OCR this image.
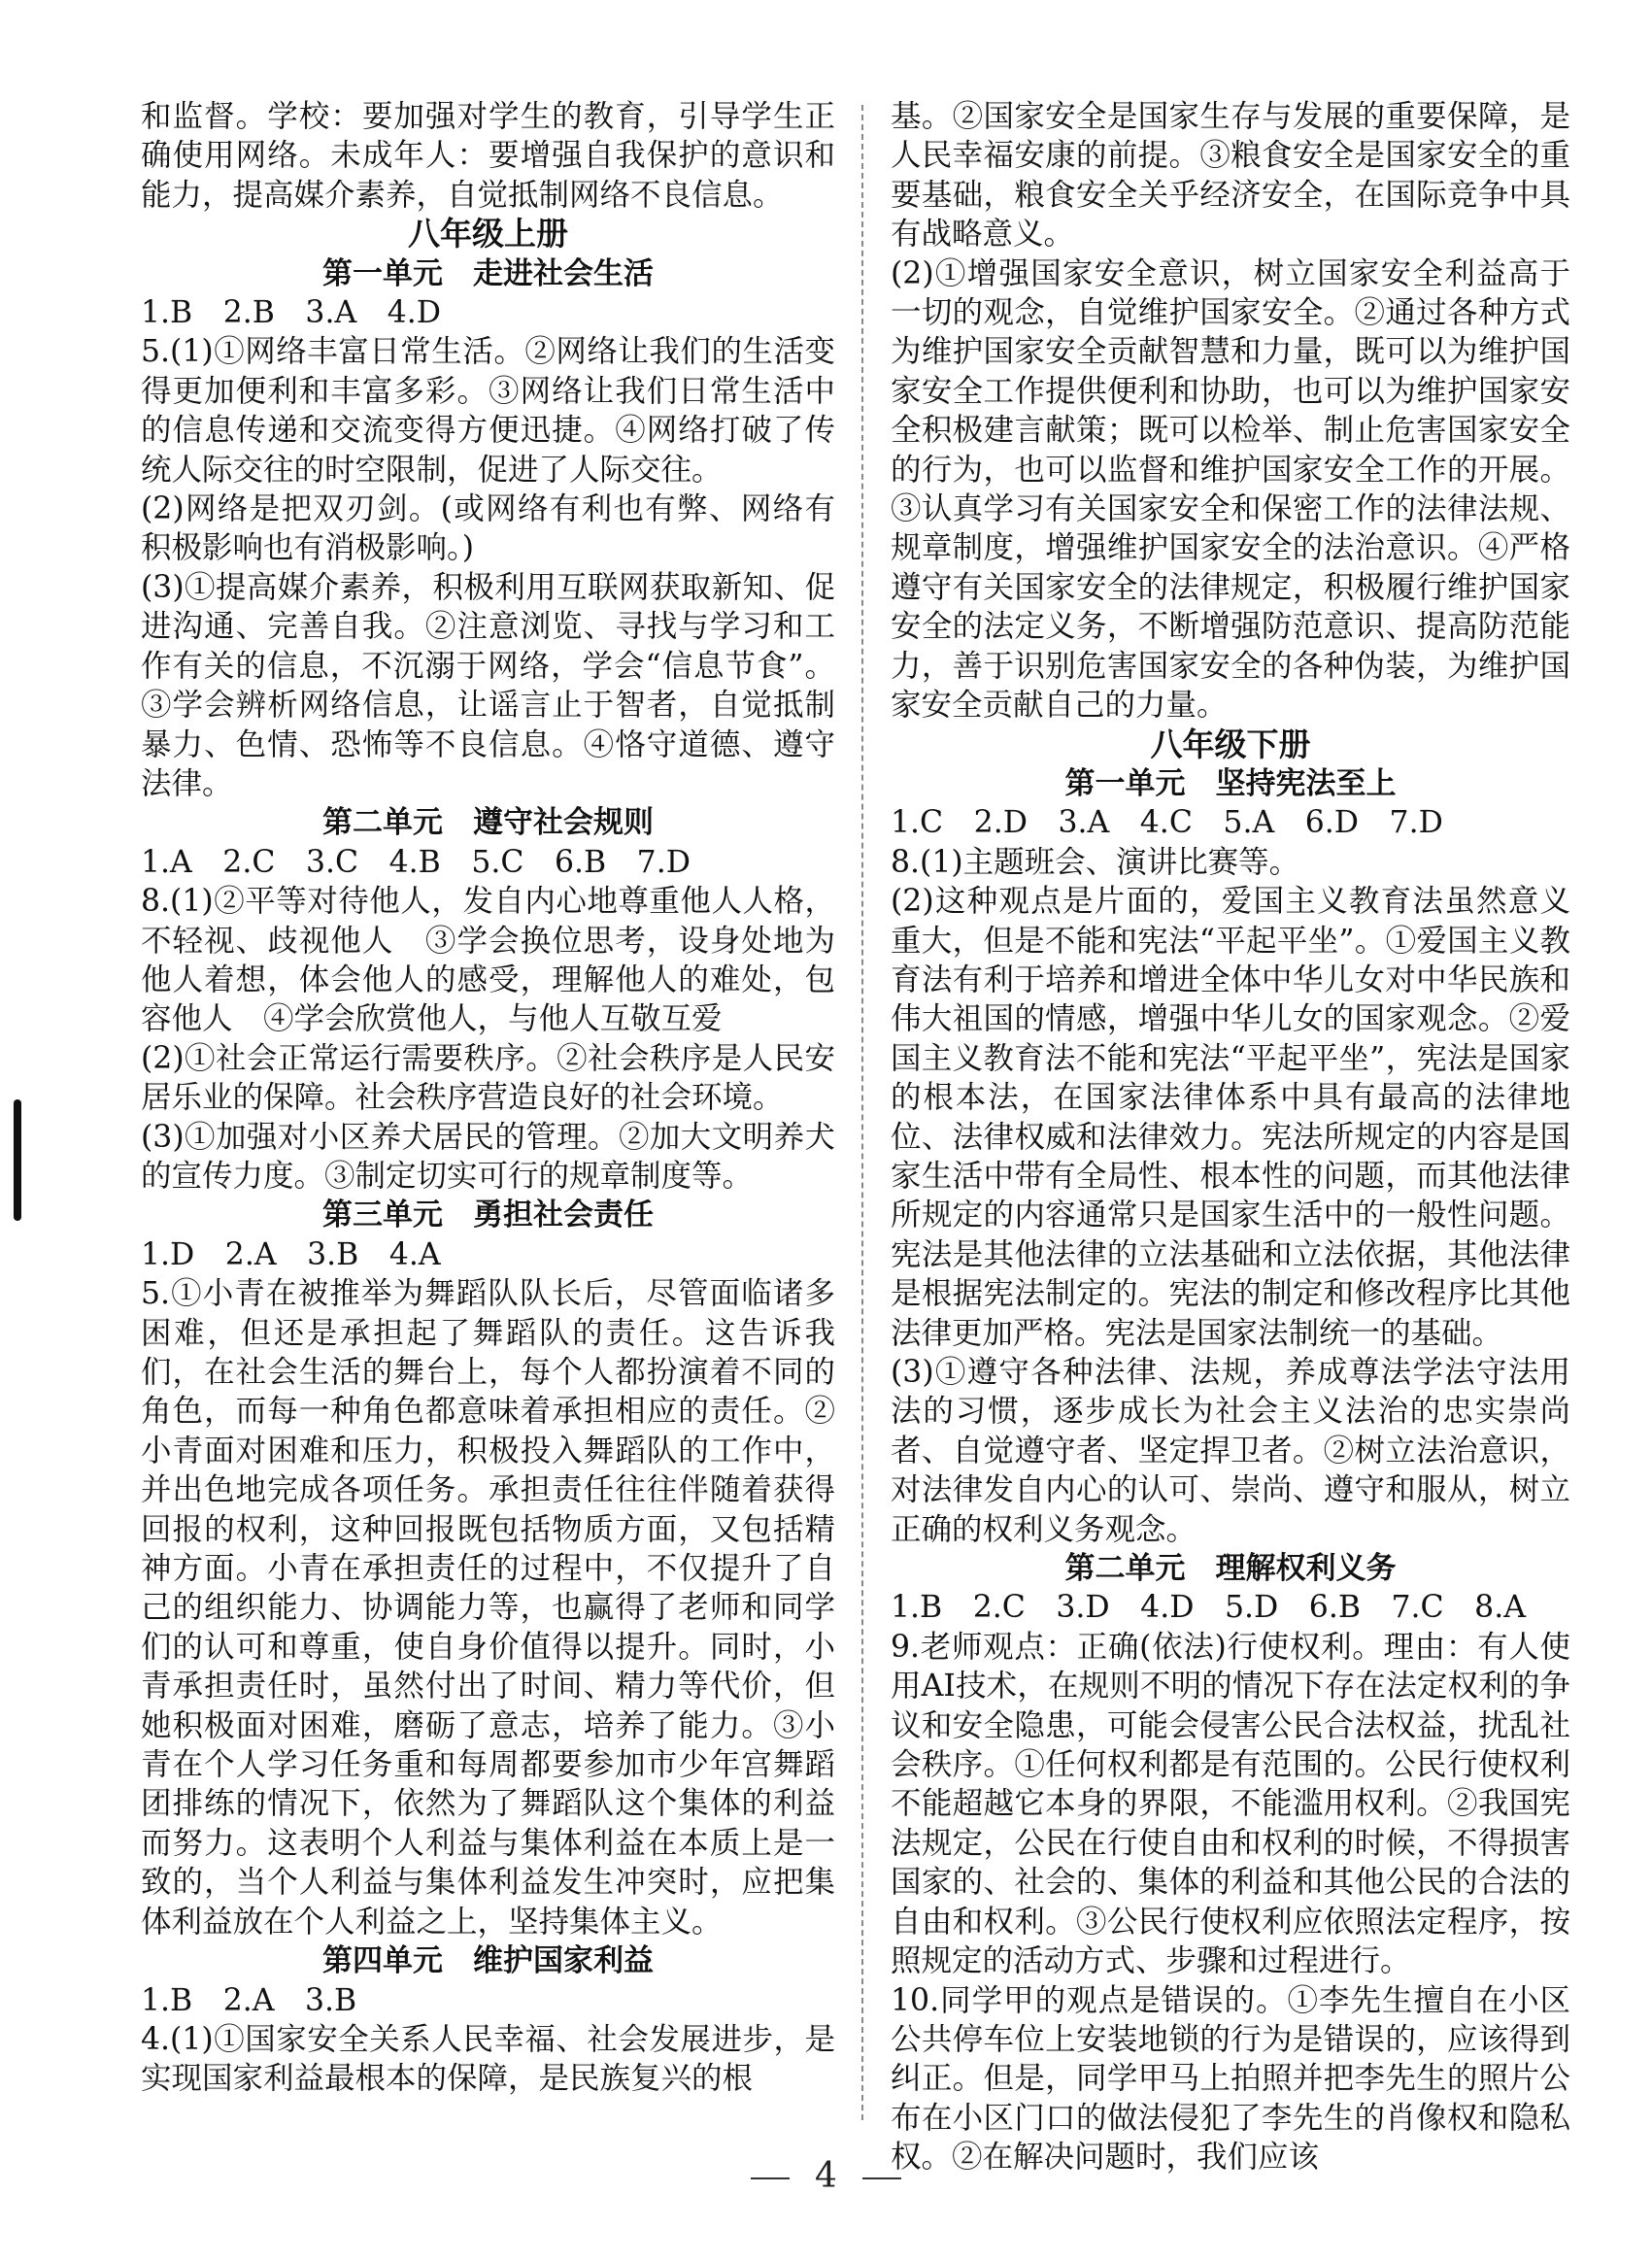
和监督。学校：要加强对学生的教育，引导学生正确使用网络。未成年人：要增强自我保护的意识和能力，提高媒介素养，自觉抵制网络不良信息。

八年级上册

第一单元　走进社会生活

1.B　2.B　3.A　4.D

5.(1)①网络丰富日常生活。②网络让我们的生活变得更加便利和丰富多彩。③网络让我们日常生活中的信息传递和交流变得方便迅捷。④网络打破了传统人际交往的时空限制，促进了人际交往。

(2)网络是把双刃剑。(或网络有利也有弊、网络有积极影响也有消极影响。)

(3)①提高媒介素养，积极利用互联网获取新知、促进沟通、完善自我。②注意浏览、寻找与学习和工作有关的信息，不沉溺于网络，学会“信息节食”。③学会辨析网络信息，让谣言止于智者，自觉抵制暴力、色情、恐怖等不良信息。④恪守道德、遵守法律。

第二单元　遵守社会规则

1.A　2.C　3.C　4.B　5.C　6.B　7.D

8.(1)②平等对待他人，发自内心地尊重他人人格，不轻视、歧视他人　③学会换位思考，设身处地为他人着想，体会他人的感受，理解他人的难处，包容他人　④学会欣赏他人，与他人互敬互爱

(2)①社会正常运行需要秩序。②社会秩序是人民安居乐业的保障。社会秩序营造良好的社会环境。

(3)①加强对小区养犬居民的管理。②加大文明养犬的宣传力度。③制定切实可行的规章制度等。

第三单元　勇担社会责任

1.D　2.A　3.B　4.A

5.①小青在被推举为舞蹈队队长后，尽管面临诸多困难，但还是承担起了舞蹈队的责任。这告诉我们，在社会生活的舞台上，每个人都扮演着不同的角色，而每一种角色都意味着承担相应的责任。②小青面对困难和压力，积极投入舞蹈队的工作中，并出色地完成各项任务。承担责任往往伴随着获得回报的权利，这种回报既包括物质方面，又包括精神方面。小青在承担责任的过程中，不仅提升了自己的组织能力、协调能力等，也赢得了老师和同学们的认可和尊重，使自身价值得以提升。同时，小青承担责任时，虽然付出了时间、精力等代价，但她积极面对困难，磨砺了意志，培养了能力。③小青在个人学习任务重和每周都要参加市少年宫舞蹈团排练的情况下，依然为了舞蹈队这个集体的利益而努力。这表明个人利益与集体利益在本质上是一致的，当个人利益与集体利益发生冲突时，应把集体利益放在个人利益之上，坚持集体主义。

第四单元　维护国家利益

1.B　2.A　3.B

4.(1)①国家安全关系人民幸福、社会发展进步，是实现国家利益最根本的保障，是民族复兴的根

基。②国家安全是国家生存与发展的重要保障，是人民幸福安康的前提。③粮食安全是国家安全的重要基础，粮食安全关乎经济安全，在国际竞争中具有战略意义。

(2)①增强国家安全意识，树立国家安全利益高于一切的观念，自觉维护国家安全。②通过各种方式为维护国家安全贡献智慧和力量，既可以为维护国家安全工作提供便利和协助，也可以为维护国家安全积极建言献策；既可以检举、制止危害国家安全的行为，也可以监督和维护国家安全工作的开展。③认真学习有关国家安全和保密工作的法律法规、规章制度，增强维护国家安全的法治意识。④严格遵守有关国家安全的法律规定，积极履行维护国家安全的法定义务，不断增强防范意识、提高防范能力，善于识别危害国家安全的各种伪装，为维护国家安全贡献自己的力量。

八年级下册

第一单元　坚持宪法至上

1.C　2.D　3.A　4.C　5.A　6.D　7.D

8.(1)主题班会、演讲比赛等。

(2)这种观点是片面的，爱国主义教育法虽然意义重大，但是不能和宪法“平起平坐”。①爱国主义教育法有利于培养和增进全体中华儿女对中华民族和伟大祖国的情感，增强中华儿女的国家观念。②爱国主义教育法不能和宪法“平起平坐”，宪法是国家的根本法，在国家法律体系中具有最高的法律地位、法律权威和法律效力。宪法所规定的内容是国家生活中带有全局性、根本性的问题，而其他法律所规定的内容通常只是国家生活中的一般性问题。宪法是其他法律的立法基础和立法依据，其他法律是根据宪法制定的。宪法的制定和修改程序比其他法律更加严格。宪法是国家法制统一的基础。

(3)①遵守各种法律、法规，养成尊法学法守法用法的习惯，逐步成长为社会主义法治的忠实崇尚者、自觉遵守者、坚定捍卫者。②树立法治意识，对法律发自内心的认可、崇尚、遵守和服从，树立正确的权利义务观念。

第二单元　理解权利义务

1.B　2.C　3.D　4.D　5.D　6.B　7.C　8.A

9.老师观点：正确(依法)行使权利。理由：有人使用AI技术，在规则不明的情况下存在法定权利的争议和安全隐患，可能会侵害公民合法权益，扰乱社会秩序。①任何权利都是有范围的。公民行使权利不能超越它本身的界限，不能滥用权利。②我国宪法规定，公民在行使自由和权利的时候，不得损害国家的、社会的、集体的利益和其他公民的合法的自由和权利。③公民行使权利应依照法定程序，按照规定的活动方式、步骤和过程进行。

10.同学甲的观点是错误的。①李先生擅自在小区公共停车位上安装地锁的行为是错误的，应该得到纠正。但是，同学甲马上拍照并把李先生的照片公布在小区门口的做法侵犯了李先生的肖像权和隐私权。②在解决问题时，我们应该

4
